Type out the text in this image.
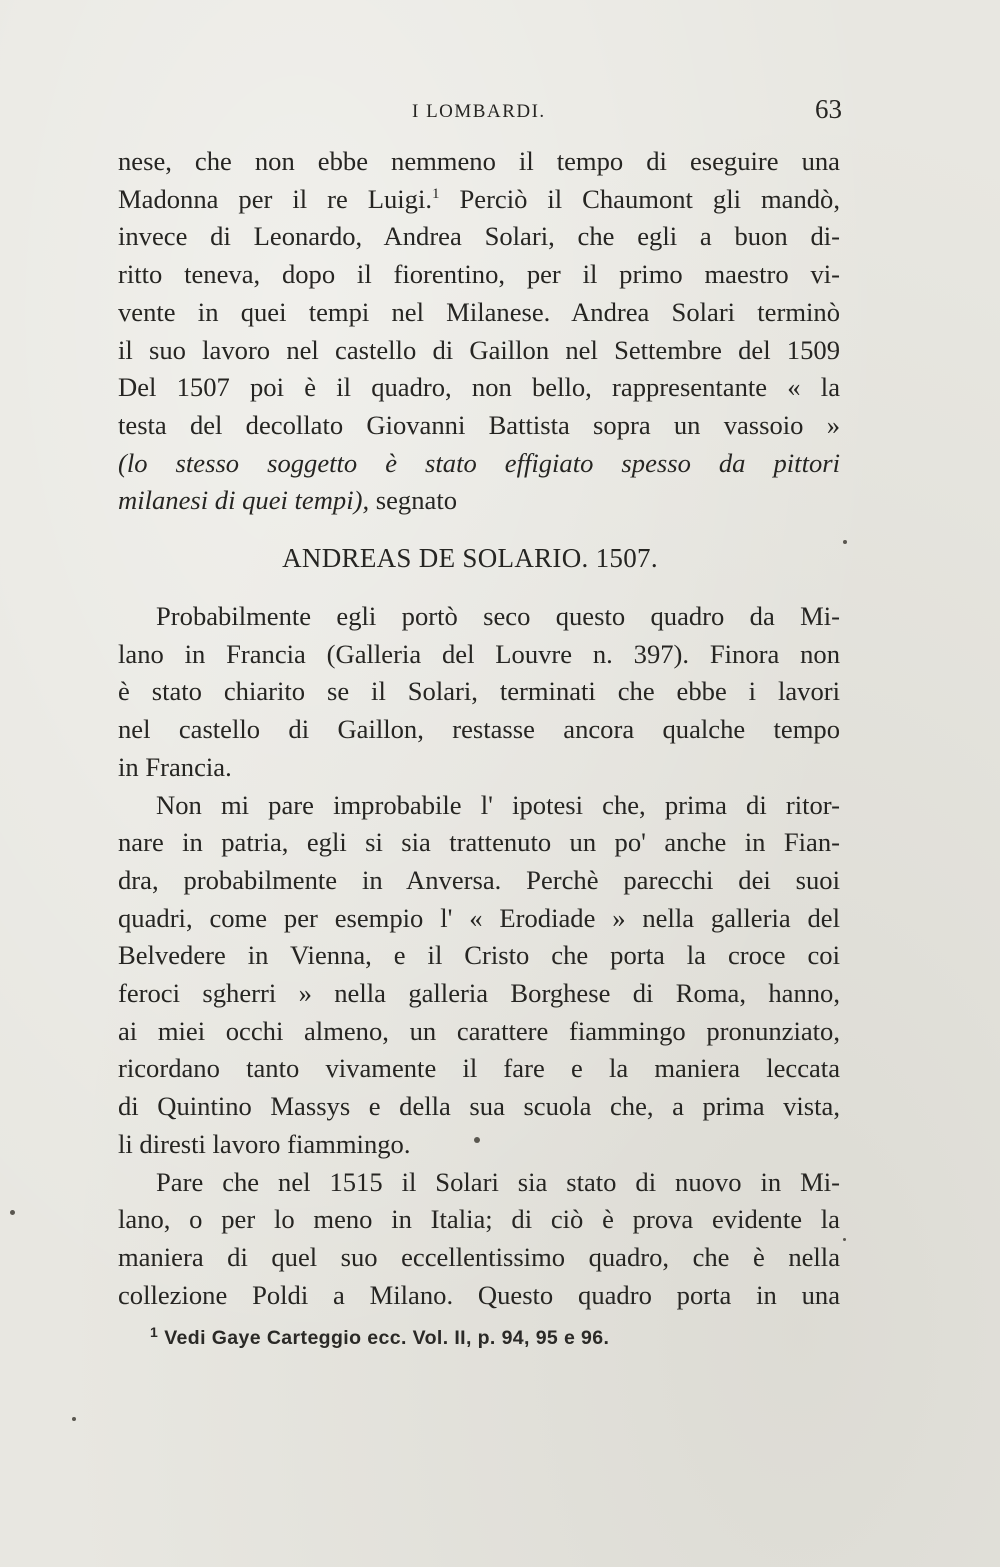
I LOMBARDI.	63

nese, che non ebbe nemmeno il tempo di eseguire una
Madonna per il re Luigi.$^1$ Perciò il Chaumont gli mandò,
invece di Leonardo, Andrea Solari, che egli a buon di-
ritto teneva, dopo il fiorentino, per il primo maestro vi-
vente in quei tempi nel Milanese. Andrea Solari terminò
il suo lavoro nel castello di Gaillon nel Settembre del 1509
Del 1507 poi è il quadro, non bello, rappresentante « la
testa del decollato Giovanni Battista sopra un vassoio »
(lo stesso soggetto è stato effigiato spesso da pittori
milanesi di quei tempi), segnato

ANDREAS DE SOLARIO. 1507.

Probabilmente egli portò seco questo quadro da Mi-
lano in Francia (Galleria del Louvre n. 397). Finora non
è stato chiarito se il Solari, terminati che ebbe i lavori
nel castello di Gaillon, restasse ancora qualche tempo
in Francia.

Non mi pare improbabile l' ipotesi che, prima di ritor-
nare in patria, egli si sia trattenuto un po' anche in Fian-
dra, probabilmente in Anversa. Perchè parecchi dei suoi
quadri, come per esempio l' « Erodiade » nella galleria del
Belvedere in Vienna, e il Cristo che porta la croce coi
feroci sgherri » nella galleria Borghese di Roma, hanno,
ai miei occhi almeno, un carattere fiammingo pronunziato,
ricordano tanto vivamente il fare e la maniera leccata
di Quintino Massys e della sua scuola che, a prima vista,
li diresti lavoro fiammingo.

Pare che nel 1515 il Solari sia stato di nuovo in Mi-
lano, o per lo meno in Italia; di ciò è prova evidente la
maniera di quel suo eccellentissimo quadro, che è nella
collezione Poldi a Milano. Questo quadro porta in una

$^1$ Vedi Gaye Carteggio ecc. Vol. II, p. 94, 95 e 96.
